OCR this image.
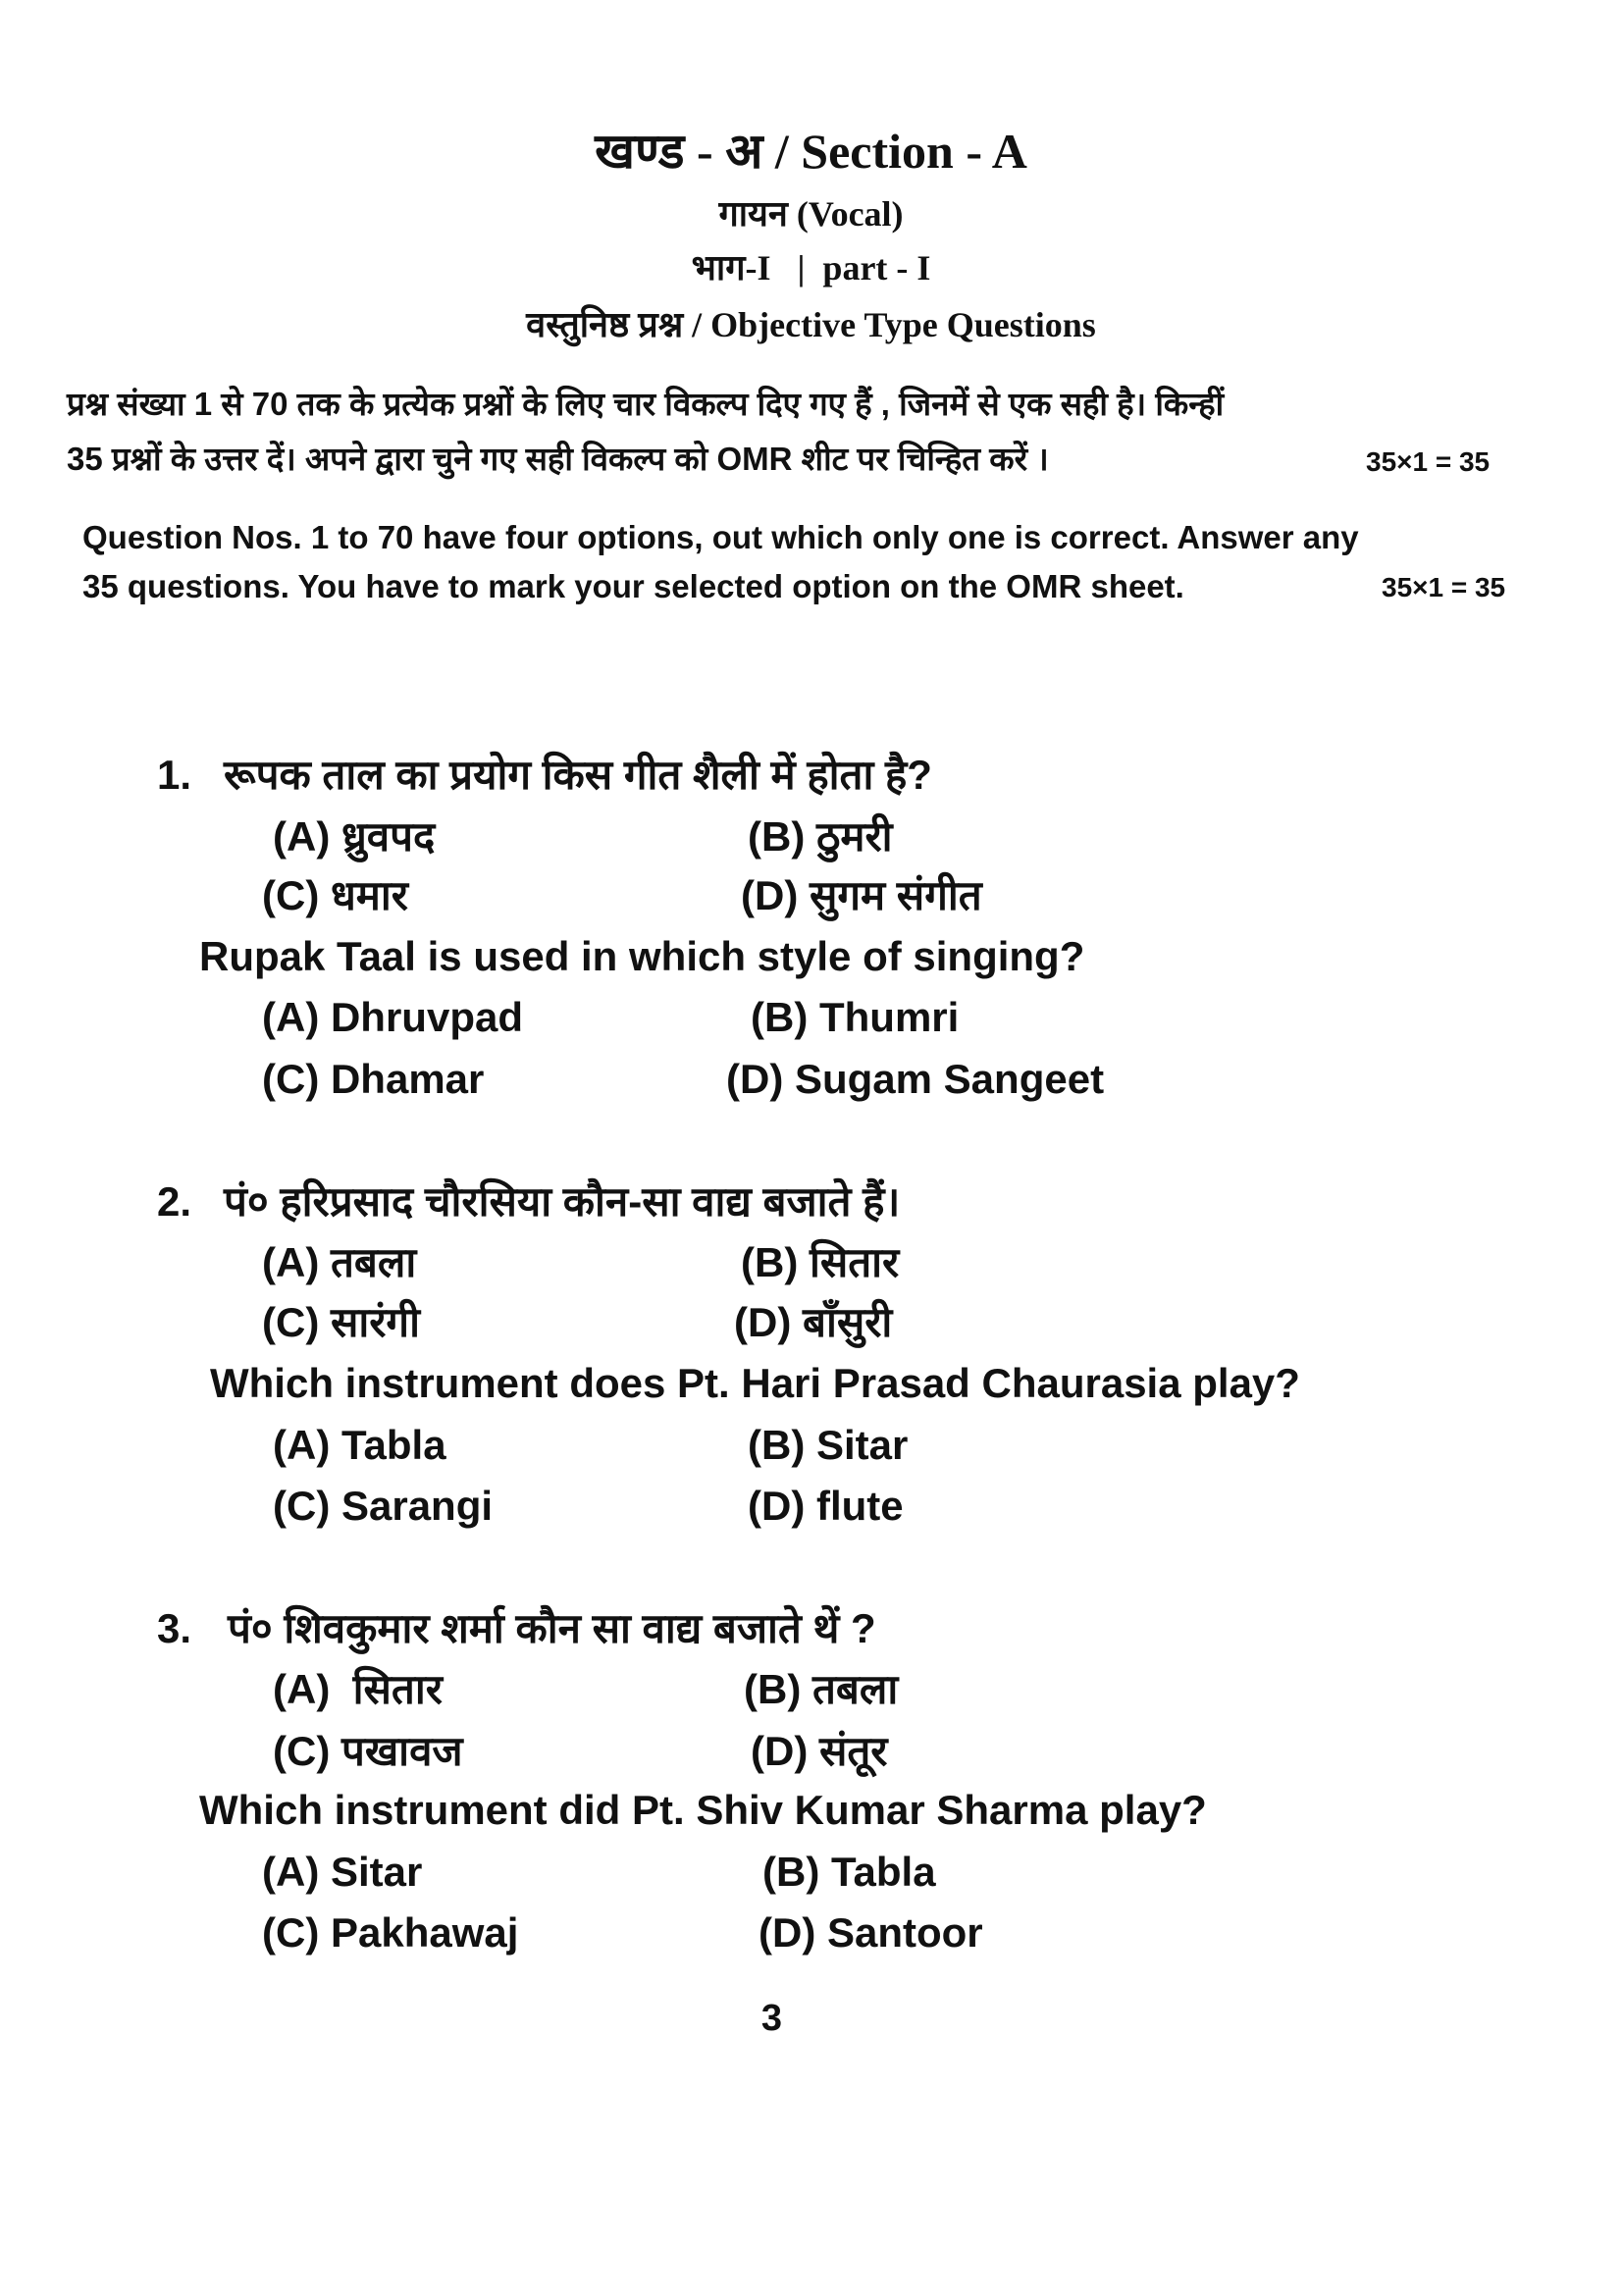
खण्ड - अ / Section - A
गायन (Vocal)
भाग-I   |  part - I
वस्तुनिष्ठ प्रश्न / Objective Type Questions
प्रश्न संख्या 1 से 70 तक के प्रत्येक प्रश्नों के लिए चार विकल्प दिए गए हैं , जिनमें से एक सही है। किन्हीं
35 प्रश्नों के उत्तर दें। अपने द्वारा चुने गए सही विकल्प को OMR शीट पर चिन्हित करें ।	35×1 = 35
Question Nos. 1 to 70 have four options, out which only one is correct. Answer any
35 questions. You have to mark your selected option on the OMR sheet.	35×1 = 35
1. रूपक ताल का प्रयोग किस गीत शैली में होता है?
(A) ध्रुवपद	(B) ठुमरी
(C) धमार	(D) सुगम संगीत
Rupak Taal is used in which style of singing?
(A) Dhruvpad	(B) Thumri
(C) Dhamar	(D) Sugam Sangeet
2. पं० हरिप्रसाद चौरसिया कौन-सा वाद्य बजाते हैं।
(A) तबला	(B) सितार
(C) सारंगी	(D) बाँसुरी
Which instrument does Pt. Hari Prasad Chaurasia play?
(A) Tabla	(B) Sitar
(C) Sarangi	(D) flute
3. पं० शिवकुमार शर्मा कौन सा वाद्य बजाते थें ?
(A)  सितार	(B) तबला
(C) पखावज	(D) संतूर
Which instrument did Pt. Shiv Kumar Sharma play?
(A) Sitar	(B) Tabla
(C) Pakhawaj	(D) Santoor
3
